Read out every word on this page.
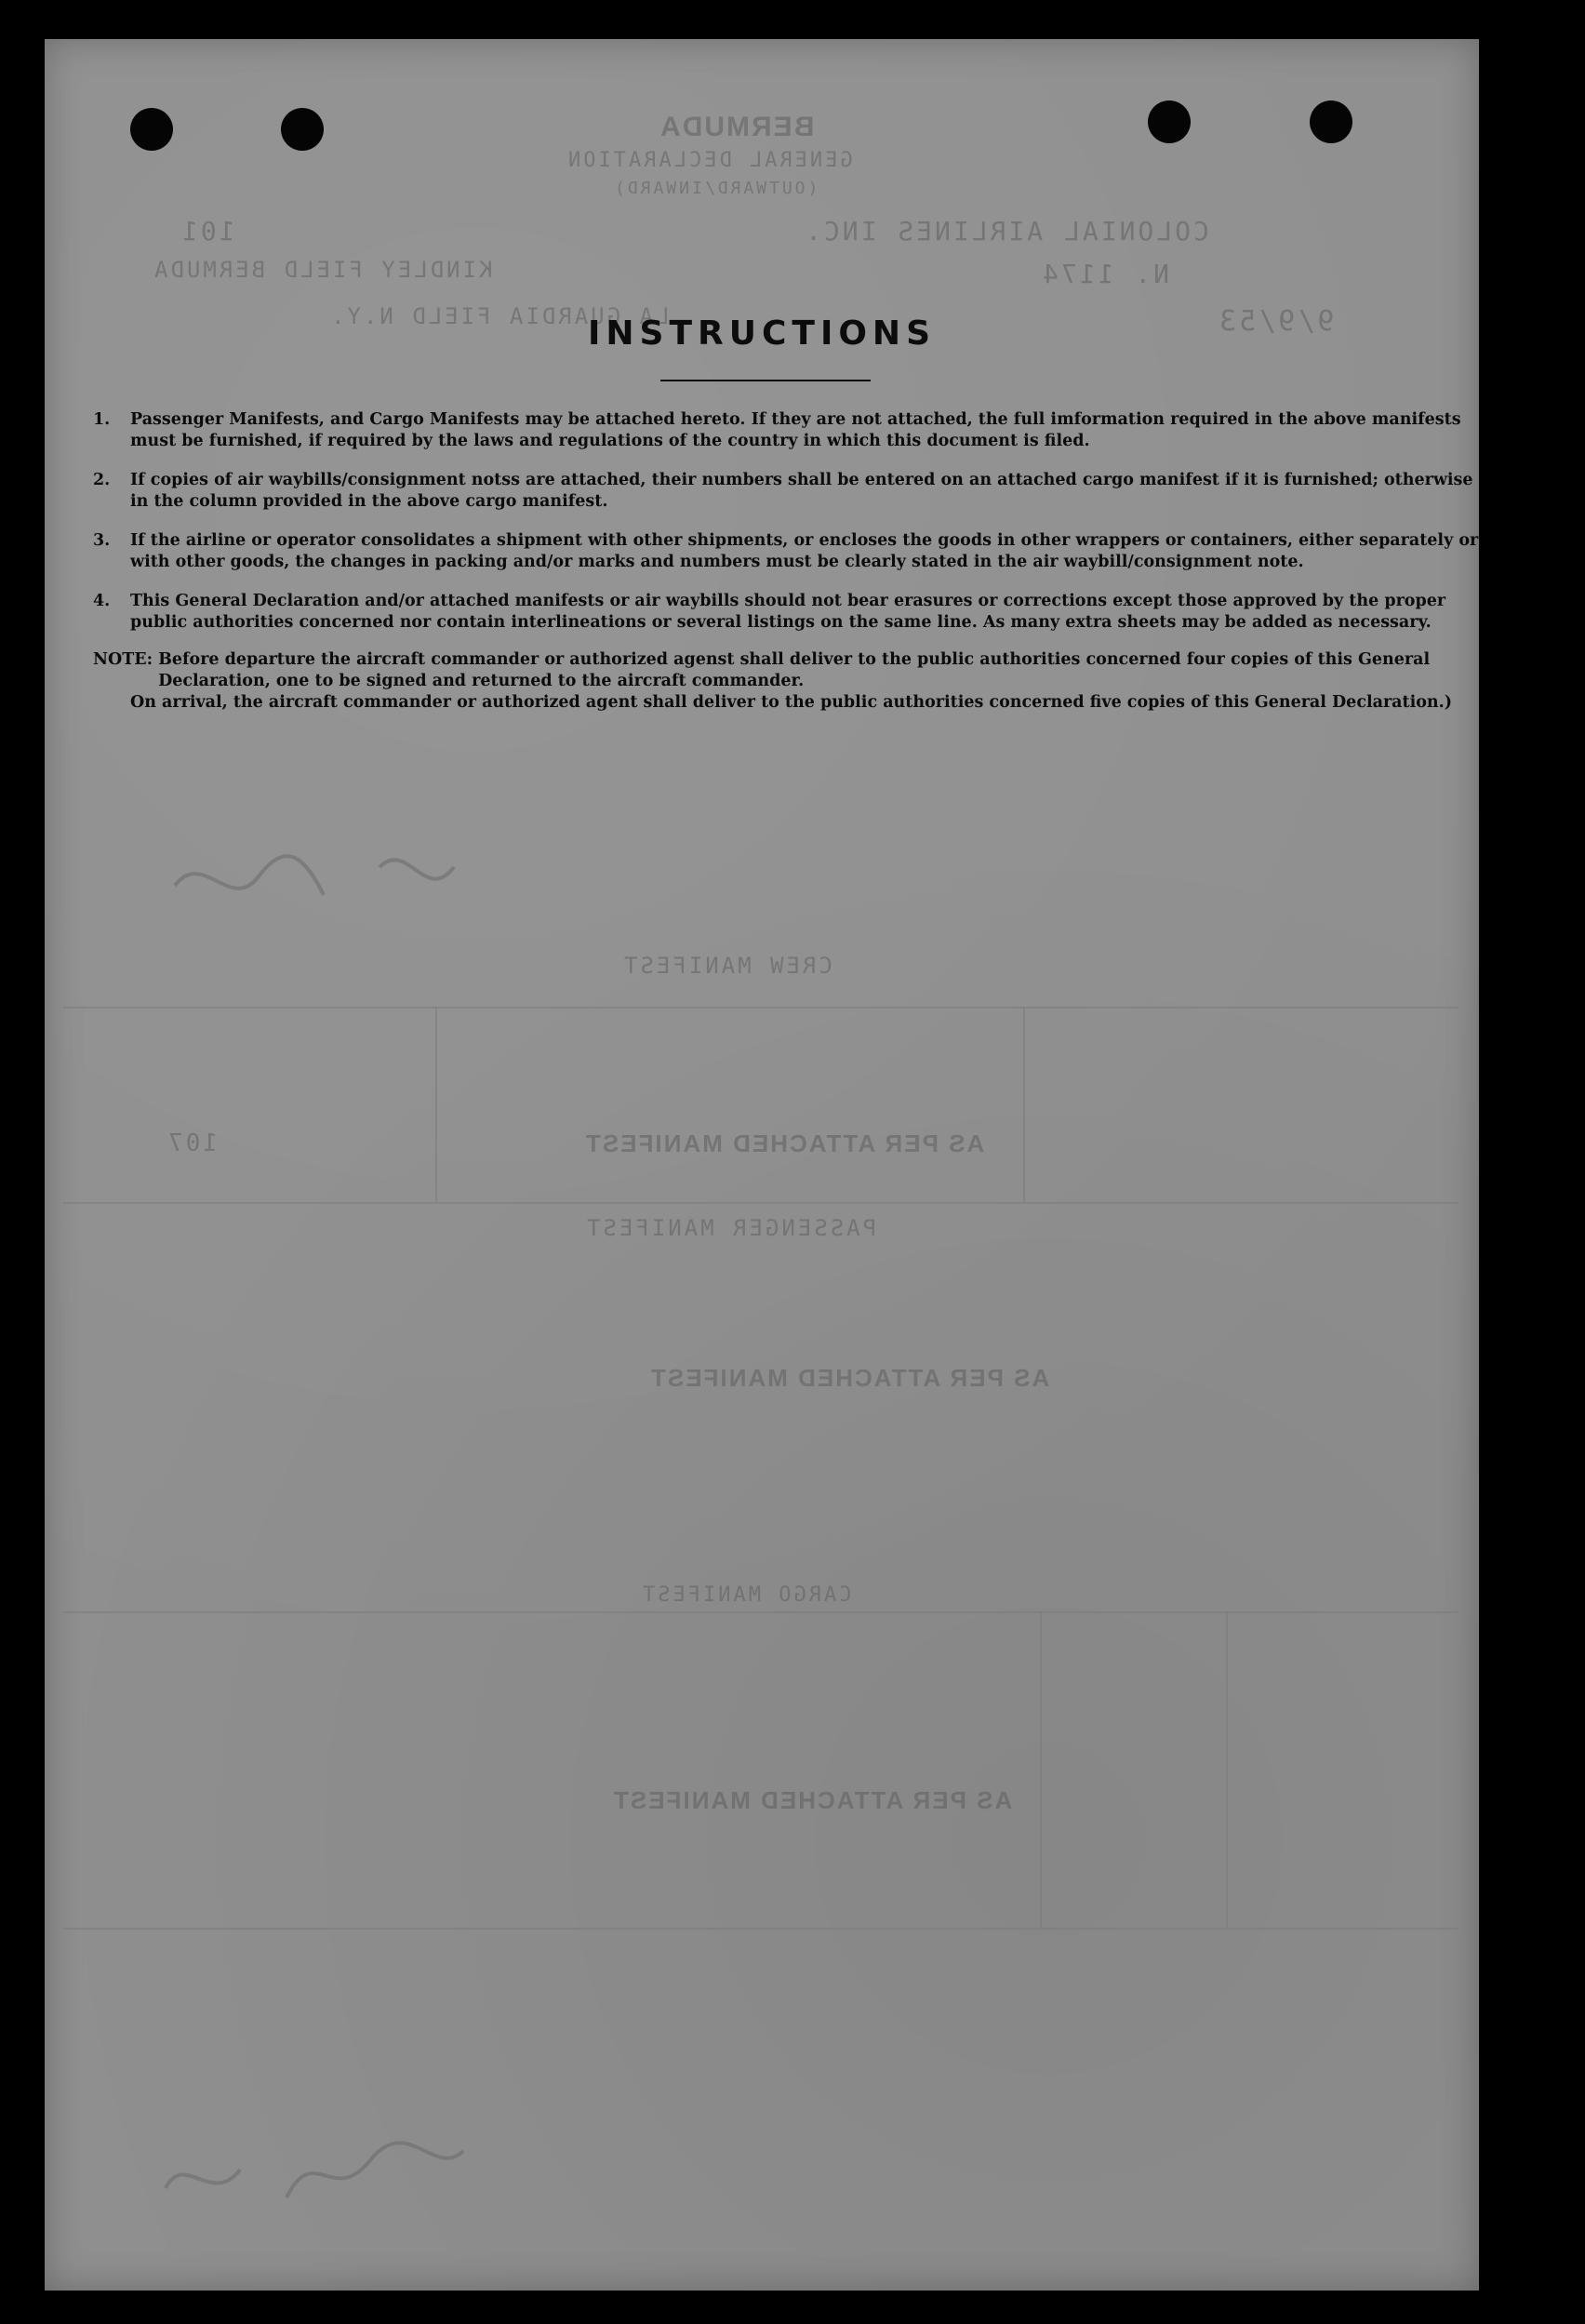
BERMUDA
GENERAL DECLARATION
(OUTWARD/INWARD)
COLONIAL AIRLINES INC.
101
KINDLEY FIELD BERMUDA	N. 1174
LA GUARDIA FIELD N.Y.	9/9/53
CREW MANIFEST
AS PER ATTACHED MANIFEST
107
PASSENGER MANIFEST
AS PER ATTACHED MANIFEST
CARGO MANIFEST
AS PER ATTACHED MANIFEST
INSTRUCTIONS
1.	Passenger Manifests, and Cargo Manifests may be attached hereto. If they are not attached, the full imformation required in the above manifests must be furnished, if required by the laws and regulations of the country in which this document is filed.
2.	If copies of air waybills/consignment notss are attached, their numbers shall be entered on an attached cargo manifest if it is furnished; otherwise in the column provided in the above cargo manifest.
3.	If the airline or operator consolidates a shipment with other shipments, or encloses the goods in other wrappers or containers, either separately or with other goods, the changes in packing and/or marks and numbers must be clearly stated in the air waybill/consignment note.
4.	This General Declaration and/or attached manifests or air waybills should not bear erasures or corrections except those approved by the proper public authorities concerned nor contain interlineations or several listings on the same line. As many extra sheets may be added as necessary.
NOTE: Before departure the aircraft commander or authorized agenst shall deliver to the public authorities concerned four copies of this General Declaration, one to be signed and returned to the aircraft commander.
On arrival, the aircraft commander or authorized agent shall deliver to the public authorities concerned five copies of this General Declaration.)
